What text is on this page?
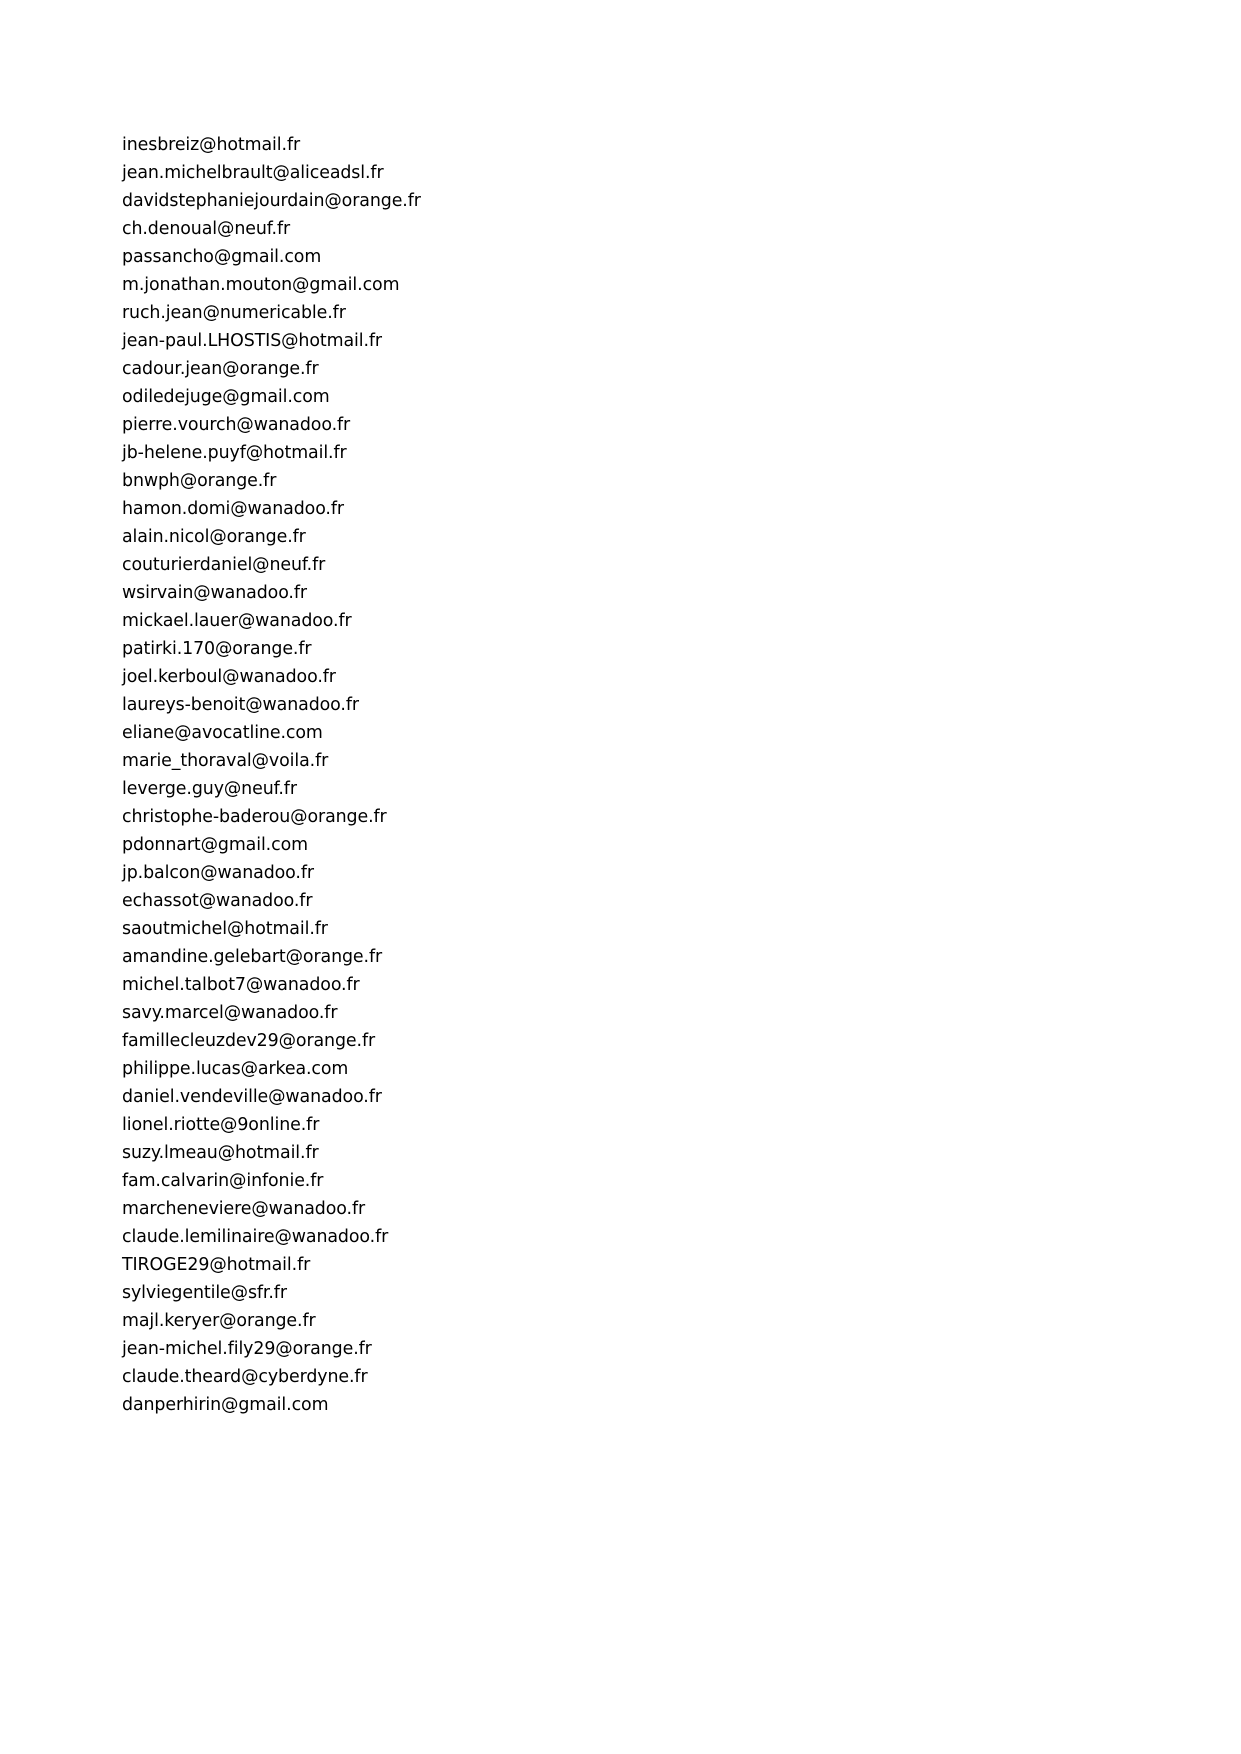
inesbreiz@hotmail.fr
jean.michelbrault@aliceadsl.fr
davidstephaniejourdain@orange.fr
ch.denoual@neuf.fr
passancho@gmail.com
m.jonathan.mouton@gmail.com
ruch.jean@numericable.fr
jean-paul.LHOSTIS@hotmail.fr
cadour.jean@orange.fr
odiledejuge@gmail.com
pierre.vourch@wanadoo.fr
jb-helene.puyf@hotmail.fr
bnwph@orange.fr
hamon.domi@wanadoo.fr
alain.nicol@orange.fr
couturierdaniel@neuf.fr
wsirvain@wanadoo.fr
mickael.lauer@wanadoo.fr
patirki.170@orange.fr
joel.kerboul@wanadoo.fr
laureys-benoit@wanadoo.fr
eliane@avocatline.com
marie_thoraval@voila.fr
leverge.guy@neuf.fr
christophe-baderou@orange.fr
pdonnart@gmail.com
jp.balcon@wanadoo.fr
echassot@wanadoo.fr
saoutmichel@hotmail.fr
amandine.gelebart@orange.fr
michel.talbot7@wanadoo.fr
savy.marcel@wanadoo.fr
famillecleuzdev29@orange.fr
philippe.lucas@arkea.com
daniel.vendeville@wanadoo.fr
lionel.riotte@9online.fr
suzy.lmeau@hotmail.fr
fam.calvarin@infonie.fr
marcheneviere@wanadoo.fr
claude.lemilinaire@wanadoo.fr
TIROGE29@hotmail.fr
sylviegentile@sfr.fr
majl.keryer@orange.fr
jean-michel.fily29@orange.fr
claude.theard@cyberdyne.fr
danperhirin@gmail.com
